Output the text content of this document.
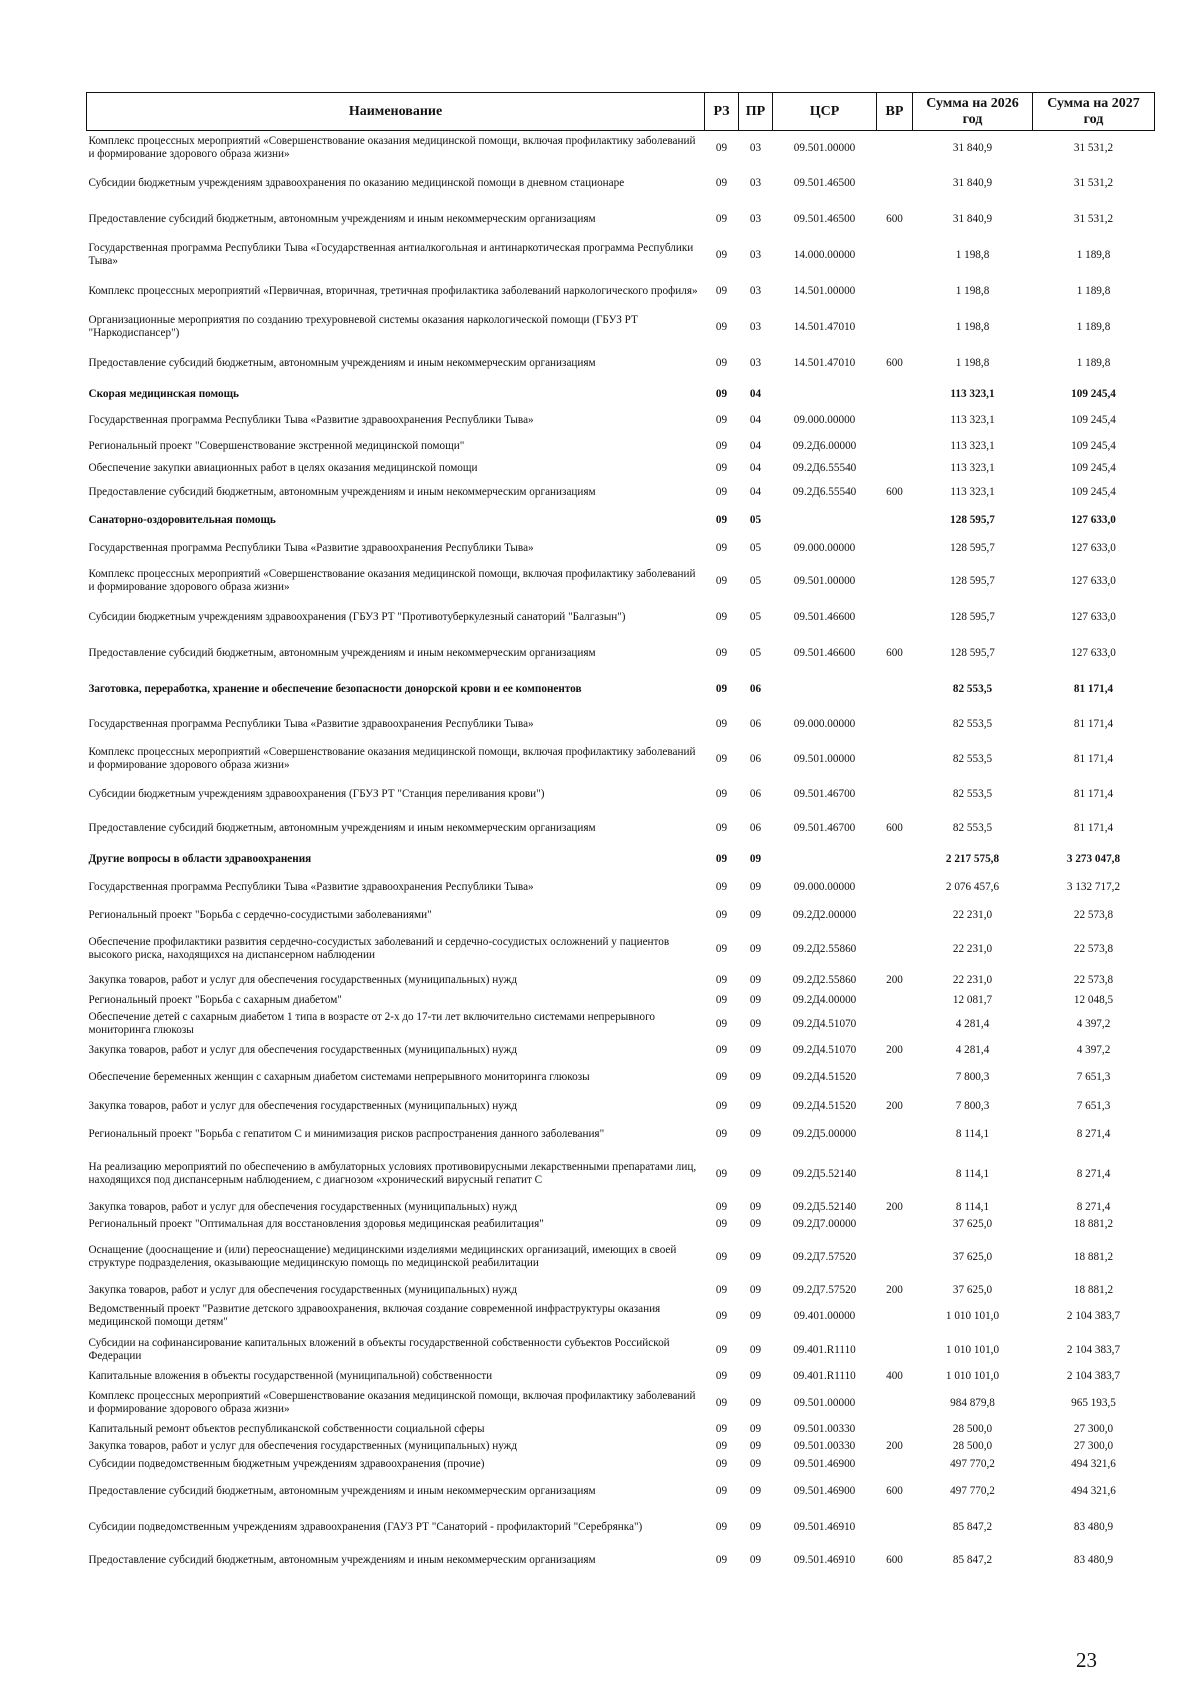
Наименование	РЗ	ПР	ЦСР	ВР	Сумма на 2026 год	Сумма на 2027 год
Комплекс процессных мероприятий «Совершенствование оказания медицинской помощи, включая профилактику заболеваний и формирование здорового образа жизни»	09	03	09.501.00000		31 840,9	31 531,2
Субсидии бюджетным учреждениям здравоохранения по оказанию медицинской помощи в дневном стационаре	09	03	09.501.46500		31 840,9	31 531,2
Предоставление субсидий бюджетным, автономным учреждениям и иным некоммерческим организациям	09	03	09.501.46500	600	31 840,9	31 531,2
Государственная программа Республики Тыва «Государственная антиалкогольная и антинаркотическая программа Республики Тыва»	09	03	14.000.00000		1 198,8	1 189,8
Комплекс процессных мероприятий «Первичная, вторичная, третичная профилактика заболеваний наркологического профиля»	09	03	14.501.00000		1 198,8	1 189,8
Организационные мероприятия по созданию трехуровневой системы оказания наркологической помощи (ГБУЗ РТ "Наркодиспансер")	09	03	14.501.47010		1 198,8	1 189,8
Предоставление субсидий бюджетным, автономным учреждениям и иным некоммерческим организациям	09	03	14.501.47010	600	1 198,8	1 189,8
Скорая медицинская помощь	09	04			113 323,1	109 245,4
Государственная программа Республики Тыва «Развитие здравоохранения Республики Тыва»	09	04	09.000.00000		113 323,1	109 245,4
Региональный проект "Совершенствование экстренной медицинской помощи"	09	04	09.2Д6.00000		113 323,1	109 245,4
Обеспечение закупки авиационных работ в целях оказания медицинской помощи	09	04	09.2Д6.55540		113 323,1	109 245,4
Предоставление субсидий бюджетным, автономным учреждениям и иным некоммерческим организациям	09	04	09.2Д6.55540	600	113 323,1	109 245,4
Санаторно-оздоровительная помощь	09	05			128 595,7	127 633,0
Государственная программа Республики Тыва «Развитие здравоохранения Республики Тыва»	09	05	09.000.00000		128 595,7	127 633,0
Комплекс процессных мероприятий «Совершенствование оказания медицинской помощи, включая профилактику заболеваний и формирование здорового образа жизни»	09	05	09.501.00000		128 595,7	127 633,0
Субсидии бюджетным учреждениям здравоохранения (ГБУЗ РТ "Противотуберкулезный санаторий "Балгазын")	09	05	09.501.46600		128 595,7	127 633,0
Предоставление субсидий бюджетным, автономным учреждениям и иным некоммерческим организациям	09	05	09.501.46600	600	128 595,7	127 633,0
Заготовка, переработка, хранение и обеспечение безопасности донорской крови и ее компонентов	09	06			82 553,5	81 171,4
Государственная программа Республики Тыва «Развитие здравоохранения Республики Тыва»	09	06	09.000.00000		82 553,5	81 171,4
Комплекс процессных мероприятий «Совершенствование оказания медицинской помощи, включая профилактику заболеваний и формирование здорового образа жизни»	09	06	09.501.00000		82 553,5	81 171,4
Субсидии бюджетным учреждениям здравоохранения (ГБУЗ РТ "Станция переливания крови")	09	06	09.501.46700		82 553,5	81 171,4
Предоставление субсидий бюджетным, автономным учреждениям и иным некоммерческим организациям	09	06	09.501.46700	600	82 553,5	81 171,4
Другие вопросы в области здравоохранения	09	09			2 217 575,8	3 273 047,8
Государственная программа Республики Тыва «Развитие здравоохранения Республики Тыва»	09	09	09.000.00000		2 076 457,6	3 132 717,2
Региональный проект "Борьба с сердечно-сосудистыми заболеваниями"	09	09	09.2Д2.00000		22 231,0	22 573,8
Обеспечение профилактики развития сердечно-сосудистых заболеваний и сердечно-сосудистых осложнений у пациентов высокого риска, находящихся на диспансерном наблюдении	09	09	09.2Д2.55860		22 231,0	22 573,8
Закупка товаров, работ и услуг для обеспечения государственных (муниципальных) нужд	09	09	09.2Д2.55860	200	22 231,0	22 573,8
Региональный проект "Борьба с сахарным диабетом"	09	09	09.2Д4.00000		12 081,7	12 048,5
Обеспечение детей с сахарным диабетом 1 типа в возрасте от 2-х до 17-ти лет включительно системами непрерывного мониторинга глюкозы	09	09	09.2Д4.51070		4 281,4	4 397,2
Закупка товаров, работ и услуг для обеспечения государственных (муниципальных) нужд	09	09	09.2Д4.51070	200	4 281,4	4 397,2
Обеспечение беременных женщин с сахарным диабетом системами непрерывного мониторинга глюкозы	09	09	09.2Д4.51520		7 800,3	7 651,3
Закупка товаров, работ и услуг для обеспечения государственных (муниципальных) нужд	09	09	09.2Д4.51520	200	7 800,3	7 651,3
Региональный проект "Борьба с гепатитом С и минимизация рисков распространения данного заболевания"	09	09	09.2Д5.00000		8 114,1	8 271,4
На реализацию мероприятий по обеспечению в амбулаторных условиях противовирусными лекарственными препаратами лиц, находящихся под диспансерным наблюдением, с диагнозом «хронический вирусный гепатит С	09	09	09.2Д5.52140		8 114,1	8 271,4
Закупка товаров, работ и услуг для обеспечения государственных (муниципальных) нужд	09	09	09.2Д5.52140	200	8 114,1	8 271,4
Региональный проект "Оптимальная для восстановления здоровья медицинская реабилитация"	09	09	09.2Д7.00000		37 625,0	18 881,2
Оснащение (дооснащение и (или) переоснащение) медицинскими изделиями медицинских организаций, имеющих в своей структуре подразделения, оказывающие медицинскую помощь по медицинской реабилитации	09	09	09.2Д7.57520		37 625,0	18 881,2
Закупка товаров, работ и услуг для обеспечения государственных (муниципальных) нужд	09	09	09.2Д7.57520	200	37 625,0	18 881,2
Ведомственный проект "Развитие детского здравоохранения, включая создание современной инфраструктуры оказания медицинской помощи детям"	09	09	09.401.00000		1 010 101,0	2 104 383,7
Субсидии на софинансирование капитальных вложений в объекты государственной собственности субъектов Российской Федерации	09	09	09.401.R1110		1 010 101,0	2 104 383,7
Капитальные вложения в объекты государственной (муниципальной) собственности	09	09	09.401.R1110	400	1 010 101,0	2 104 383,7
Комплекс процессных мероприятий «Совершенствование оказания медицинской помощи, включая профилактику заболеваний и формирование здорового образа жизни»	09	09	09.501.00000		984 879,8	965 193,5
Капитальный ремонт объектов республиканской собственности социальной сферы	09	09	09.501.00330		28 500,0	27 300,0
Закупка товаров, работ и услуг для обеспечения государственных (муниципальных) нужд	09	09	09.501.00330	200	28 500,0	27 300,0
Субсидии подведомственным бюджетным учреждениям здравоохранения (прочие)	09	09	09.501.46900		497 770,2	494 321,6
Предоставление субсидий бюджетным, автономным учреждениям и иным некоммерческим организациям	09	09	09.501.46900	600	497 770,2	494 321,6
Субсидии подведомственным учреждениям здравоохранения (ГАУЗ РТ "Санаторий - профилакторий "Серебрянка")	09	09	09.501.46910		85 847,2	83 480,9
Предоставление субсидий бюджетным, автономным учреждениям и иным некоммерческим организациям	09	09	09.501.46910	600	85 847,2	83 480,9
23
